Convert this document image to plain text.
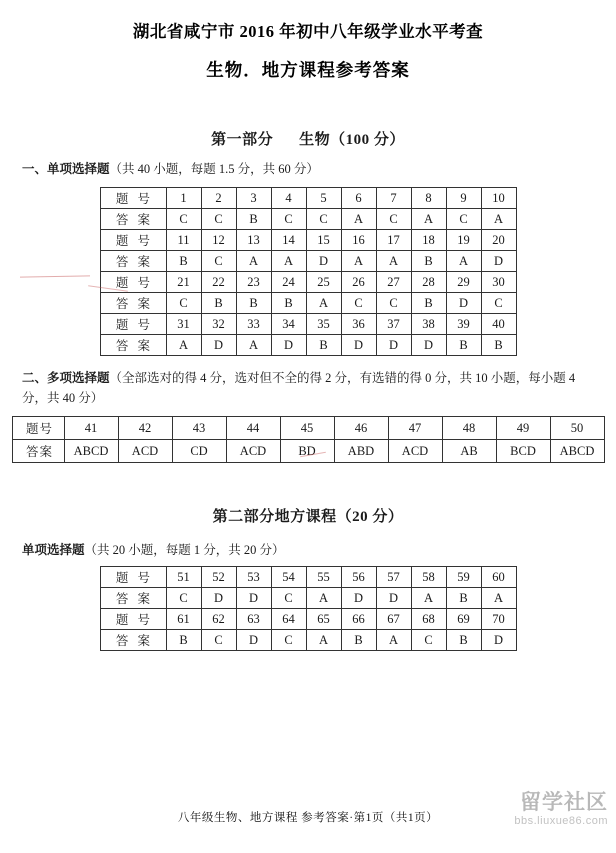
湖北省咸宁市 2016 年初中八年级学业水平考查
生物．地方课程参考答案
第一部分 生物（100 分）
一、单项选择题（共 40 小题，每题 1.5 分，共 60 分）
题 号	1	2	3	4	5	6	7	8	9	10
答 案	C	C	B	C	C	A	C	A	C	A
题 号	11	12	13	14	15	16	17	18	19	20
答 案	B	C	A	A	D	A	A	B	A	D
题 号	21	22	23	24	25	26	27	28	29	30
答 案	C	B	B	B	A	C	C	B	D	C
题 号	31	32	33	34	35	36	37	38	39	40
答 案	A	D	A	D	B	D	D	D	B	B
二、多项选择题（全部选对的得 4 分，选对但不全的得 2 分，有选错的得 0 分，共 10 小题，每小题 4 分，共 40 分）
题号	41	42	43	44	45	46	47	48	49	50
答案	ABCD	ACD	CD	ACD	BD	ABD	ACD	AB	BCD	ABCD
第二部分地方课程（20 分）
单项选择题（共 20 小题，每题 1 分，共 20 分）
题 号	51	52	53	54	55	56	57	58	59	60
答 案	C	D	D	C	A	D	D	A	B	A
题 号	61	62	63	64	65	66	67	68	69	70
答 案	B	C	D	C	A	B	A	C	B	D
八年级生物、地方课程 参考答案·第1页（共1页）
留学社区
bbs.liuxue86.com
